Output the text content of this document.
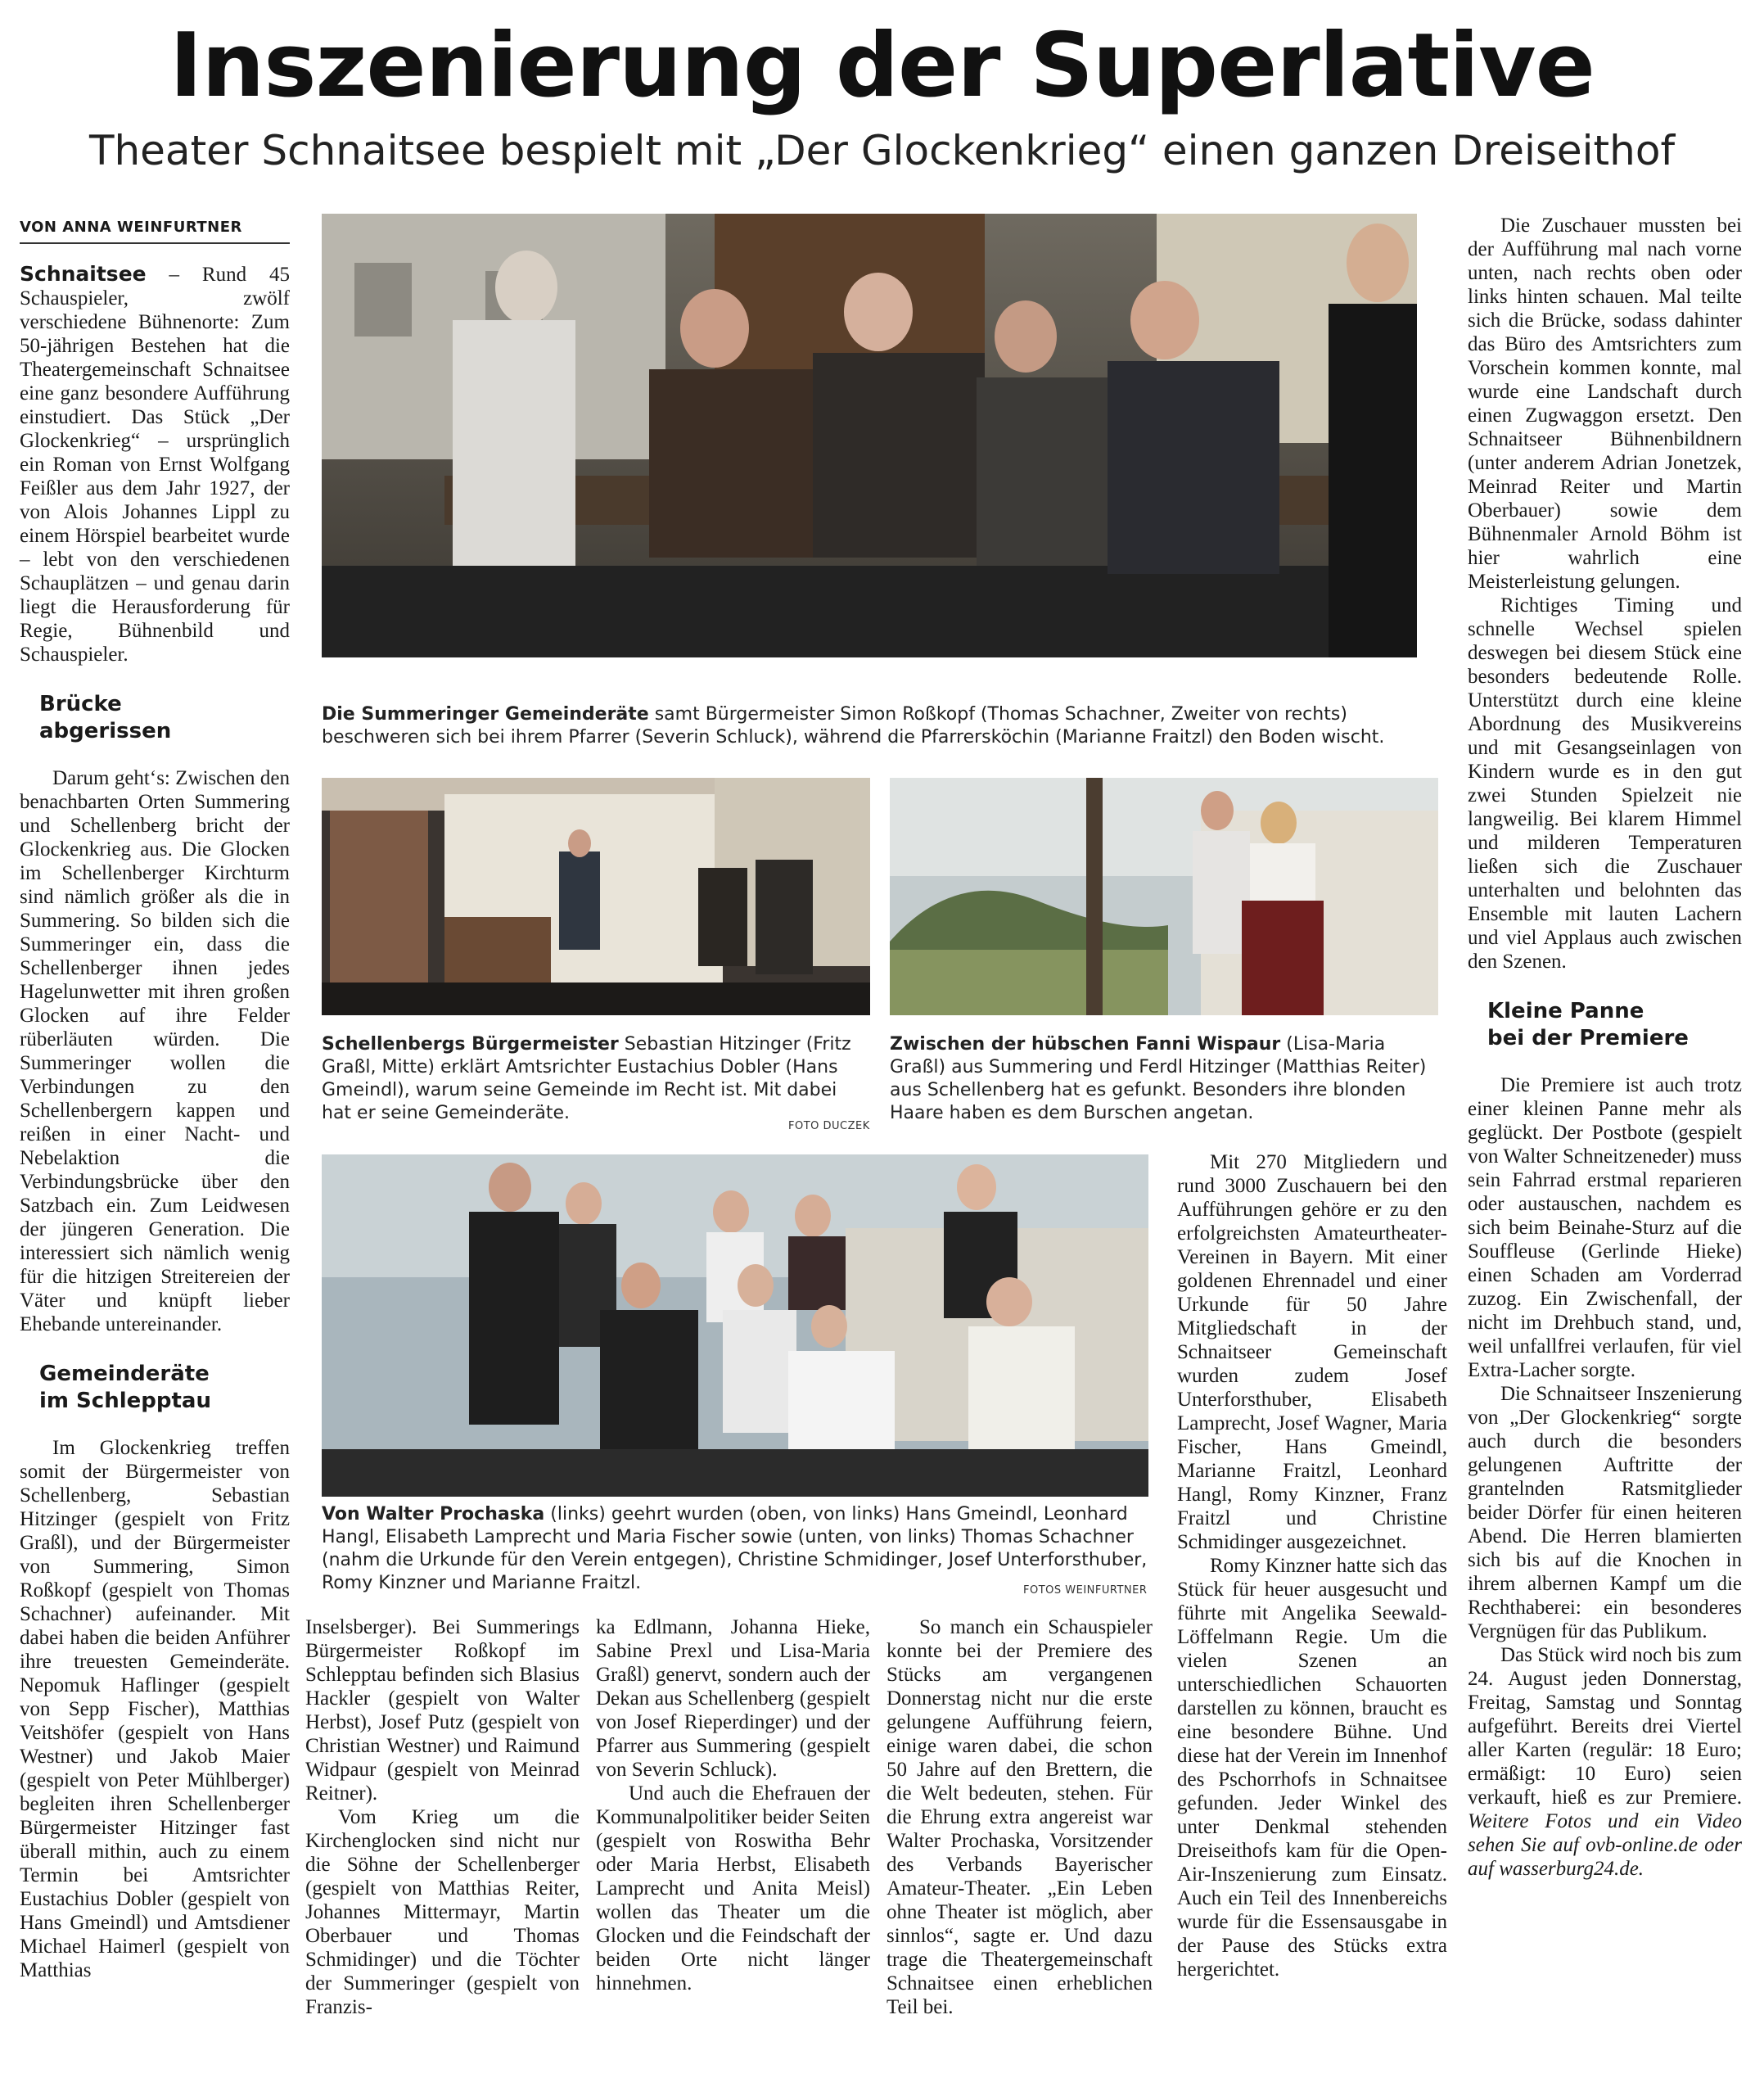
Inszenierung der Superlative
Theater Schnaitsee bespielt mit „Der Glockenkrieg“ einen ganzen Dreiseithof
VON ANNA WEINFURTNER

Schnaitsee – Rund 45 Schauspieler, zwölf verschiedene Bühnenorte: Zum 50-jährigen Bestehen hat die Theatergemeinschaft Schnaitsee eine ganz besondere Aufführung einstudiert. Das Stück „Der Glockenkrieg“ – ursprünglich ein Roman von Ernst Wolfgang Feißler aus dem Jahr 1927, der von Alois Johannes Lippl zu einem Hörspiel bearbeitet wurde – lebt von den verschiedenen Schauplätzen – und genau darin liegt die Herausforderung für Regie, Bühnenbild und Schauspieler.

Brücke
abgerissen

Darum geht‘s: Zwischen den benachbarten Orten Summering und Schellenberg bricht der Glockenkrieg aus. Die Glocken im Schellenberger Kirchturm sind nämlich größer als die in Summering. So bilden sich die Summeringer ein, dass die Schellenberger ihnen jedes Hagelunwetter mit ihren großen Glocken auf ihre Felder rüberläuten würden. Die Summeringer wollen die Verbindungen zu den Schellenbergern kappen und reißen in einer Nacht- und Nebelaktion die Verbindungsbrücke über den Satzbach ein. Zum Leidwesen der jüngeren Generation. Die interessiert sich nämlich wenig für die hitzigen Streitereien der Väter und knüpft lieber Ehebande untereinander.

Gemeinderäte
im Schlepptau

Im Glockenkrieg treffen somit der Bürgermeister von Schellenberg, Sebastian Hitzinger (gespielt von Fritz Graßl), und der Bürgermeister von Summering, Simon Roßkopf (gespielt von Thomas Schachner) aufeinander. Mit dabei haben die beiden Anführer ihre treuesten Gemeinderäte. Nepomuk Haflinger (gespielt von Sepp Fischer), Matthias Veitshöfer (gespielt von Hans Westner) und Jakob Maier (gespielt von Peter Mühlberger) begleiten ihren Schellenberger Bürgermeister Hitzinger fast überall mithin, auch zu einem Termin bei Amtsrichter Eustachius Dobler (gespielt von Hans Gmeindl) und Amtsdiener Michael Haimerl (gespielt von Matthias

Die Summeringer Gemeinderäte samt Bürgermeister Simon Roßkopf (Thomas Schachner, Zweiter von rechts) beschweren sich bei ihrem Pfarrer (Severin Schluck), während die Pfarrersköchin (Marianne Fraitzl) den Boden wischt.
Schellenbergs Bürgermeister Sebastian Hitzinger (Fritz Graßl, Mitte) erklärt Amtsrichter Eustachius Dobler (Hans Gmeindl), warum seine Gemeinde im Recht ist. Mit dabei hat er seine Gemeinderäte.
FOTO DUCZEK
Zwischen der hübschen Fanni Wispaur (Lisa-Maria Graßl) aus Summering und Ferdl Hitzinger (Matthias Reiter) aus Schellenberg hat es gefunkt. Besonders ihre blonden Haare haben es dem Burschen angetan.
Von Walter Prochaska (links) geehrt wurden (oben, von links) Hans Gmeindl, Leonhard Hangl, Elisabeth Lamprecht und Maria Fischer sowie (unten, von links) Thomas Schachner (nahm die Urkunde für den Verein entgegen), Christine Schmidinger, Josef Unterforsthuber, Romy Kinzner und Marianne Fraitzl.	FOTOS WEINFURTNER

Inselsberger). Bei Summerings Bürgermeister Roßkopf im Schlepptau befinden sich Blasius Hackler (gespielt von Walter Herbst), Josef Putz (gespielt von Christian Westner) und Raimund Widpaur (gespielt von Meinrad Reitner).

Vom Krieg um die Kirchenglocken sind nicht nur die Söhne der Schellenberger (gespielt von Matthias Reiter, Johannes Mittermayr, Martin Oberbauer und Thomas Schmidinger) und die Töchter der Summeringer (gespielt von Franzis-

ka Edlmann, Johanna Hieke, Sabine Prexl und Lisa-Maria Graßl) genervt, sondern auch der Dekan aus Schellenberg (gespielt von Josef Rieperdinger) und der Pfarrer aus Summering (gespielt von Severin Schluck).

Und auch die Ehefrauen der Kommunalpolitiker beider Seiten (gespielt von Roswitha Behr oder Maria Herbst, Elisabeth Lamprecht und Anita Meisl) wollen das Theater um die Glocken und die Feindschaft der beiden Orte nicht länger hinnehmen.

So manch ein Schauspieler konnte bei der Premiere des Stücks am vergangenen Donnerstag nicht nur die erste gelungene Aufführung feiern, einige waren dabei, die schon 50 Jahre auf den Brettern, die die Welt bedeuten, stehen. Für die Ehrung extra angereist war Walter Prochaska, Vorsitzender des Verbands Bayerischer Amateur-Theater. „Ein Leben ohne Theater ist möglich, aber sinnlos“, sagte er. Und dazu trage die Theatergemeinschaft Schnaitsee einen erheblichen Teil bei.

Mit 270 Mitgliedern und rund 3000 Zuschauern bei den Aufführungen gehöre er zu den erfolgreichsten Amateurtheater-Vereinen in Bayern. Mit einer goldenen Ehrennadel und einer Urkunde für 50 Jahre Mitgliedschaft in der Schnaitseer Gemeinschaft wurden zudem Josef Unterforsthuber, Elisabeth Lamprecht, Josef Wagner, Maria Fischer, Hans Gmeindl, Marianne Fraitzl, Leonhard Hangl, Romy Kinzner, Franz Fraitzl und Christine Schmidinger ausgezeichnet.

Romy Kinzner hatte sich das Stück für heuer ausgesucht und führte mit Angelika Seewald-Löffelmann Regie. Um die vielen Szenen an unterschiedlichen Schauorten darstellen zu können, braucht es eine besondere Bühne. Und diese hat der Verein im Innenhof des Pschorrhofs in Schnaitsee gefunden. Jeder Winkel des unter Denkmal stehenden Dreiseithofs kam für die Open-Air-Inszenierung zum Einsatz. Auch ein Teil des Innenbereichs wurde für die Essensausgabe in der Pause des Stücks extra hergerichtet.

Die Zuschauer mussten bei der Aufführung mal nach vorne unten, nach rechts oben oder links hinten schauen. Mal teilte sich die Brücke, sodass dahinter das Büro des Amtsrichters zum Vorschein kommen konnte, mal wurde eine Landschaft durch einen Zugwaggon ersetzt. Den Schnaitseer Bühnenbildnern (unter anderem Adrian Jonetzek, Meinrad Reiter und Martin Oberbauer) sowie dem Bühnenmaler Arnold Böhm ist hier wahrlich eine Meisterleistung gelungen.

Richtiges Timing und schnelle Wechsel spielen deswegen bei diesem Stück eine besonders bedeutende Rolle. Unterstützt durch eine kleine Abordnung des Musikvereins und mit Gesangseinlagen von Kindern wurde es in den gut zwei Stunden Spielzeit nie langweilig. Bei klarem Himmel und milderen Temperaturen ließen sich die Zuschauer unterhalten und belohnten das Ensemble mit lauten Lachern und viel Applaus auch zwischen den Szenen.

Kleine Panne
bei der Premiere

Die Premiere ist auch trotz einer kleinen Panne mehr als geglückt. Der Postbote (gespielt von Walter Schneitzeneder) muss sein Fahrrad erstmal reparieren oder austauschen, nachdem es sich beim Beinahe-Sturz auf die Souffleuse (Gerlinde Hieke) einen Schaden am Vorderrad zuzog. Ein Zwischenfall, der nicht im Drehbuch stand, und, weil unfallfrei verlaufen, für viel Extra-Lacher sorgte.

Die Schnaitseer Inszenierung von „Der Glockenkrieg“ sorgte auch durch die besonders gelungenen Auftritte der grantelnden Ratsmitglieder beider Dörfer für einen heiteren Abend. Die Herren blamierten sich bis auf die Knochen in ihrem albernen Kampf um die Rechthaberei: ein besonderes Vergnügen für das Publikum.

Das Stück wird noch bis zum 24. August jeden Donnerstag, Freitag, Samstag und Sonntag aufgeführt. Bereits drei Viertel aller Karten (regulär: 18 Euro; ermäßigt: 10 Euro) seien verkauft, hieß es zur Premiere. Weitere Fotos und ein Video sehen Sie auf ovb-online.de oder auf wasserburg24.de.
